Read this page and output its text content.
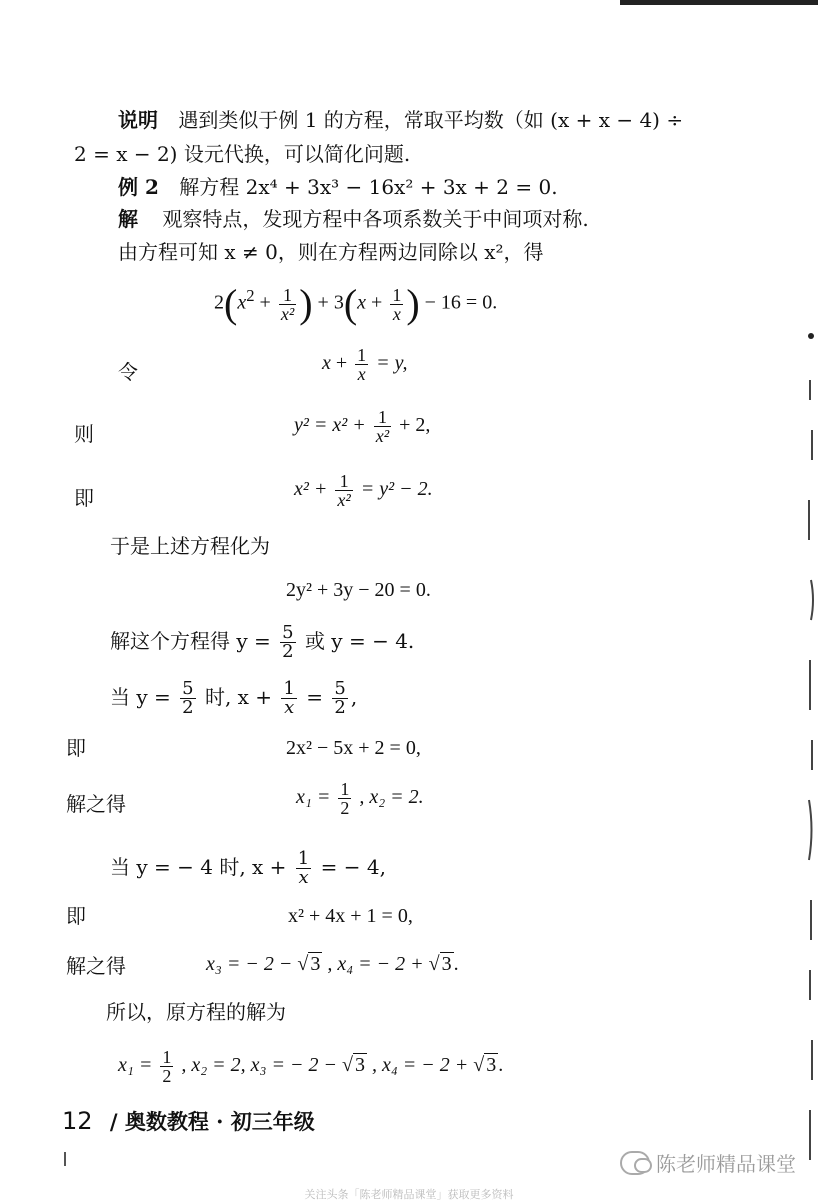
说明 遇到类似于例 1 的方程，常取平均数（如 (x + x − 4) ÷
2 = x − 2) 设元代换，可以简化问题.
例 2 解方程 2x⁴ + 3x³ − 16x² + 3x + 2 = 0.
解 观察特点，发现方程中各项系数关于中间项对称.
由方程可知 x ≠ 0，则在方程两边同除以 x²，得
$2(x^2 + \frac{1}{\text{x²}}$ ) + $3(x + \frac{1}{x}$ ) − 16 = 0.
令	$x + \frac{1}{x} = y$,
则	$y^2 = x^2 + \frac{1}{\text{x²}} + 2$,
即	$x^2 + \frac{1}{\text{x²}} = y^2 - 2$.
于是上述方程化为
2y² + 3y − 20 = 0.
解这个方程得 $y = \frac{5}{2}$ 或 y = − 4.
当 $y = \frac{5}{2}$ 时, $x + \frac{1}{x} = \frac{5}{2}$ ,
即	2x² − 5x + 2 = 0,
解之得	$x_1 = \frac{1}{2}$ , x₂ = 2.
当 y = − 4 时, $x + \frac{1}{x}$ = − 4,
即	x² + 4x + 1 = 0,
解之得	x₃ = − 2 − √ 3 , x₄ = − 2 + √ 3 .
所以，原方程的解为
$x_1 = \frac{1}{2}$ , x₂ = 2, x₃ = − 2 − √ 3 , x₄ = − 2 + √ 3 .
12 / 奥数教程 · 初三年级
陈老师精品课堂
关注头条「陈老师精品课堂」获取更多资料
